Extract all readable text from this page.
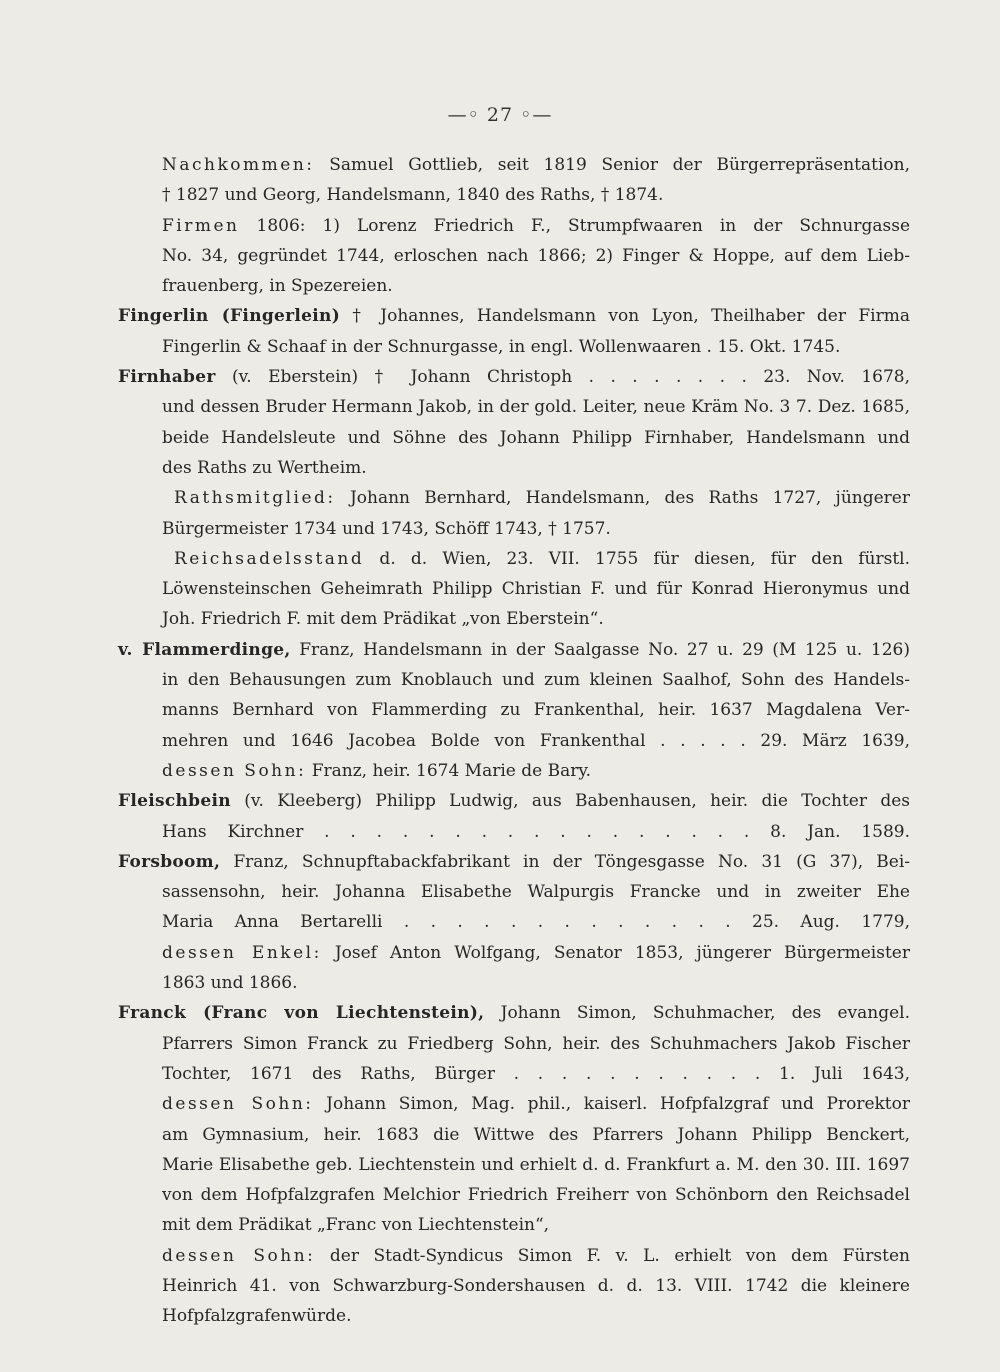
—◦ 27 ◦—
Nachkommen: Samuel Gottlieb, seit 1819 Senior der Bürgerrepräsentation,
† 1827 und Georg, Handelsmann, 1840 des Raths, † 1874.
Firmen 1806: 1) Lorenz Friedrich F., Strumpfwaaren in der Schnurgasse
No. 34, gegründet 1744, erloschen nach 1866; 2) Finger & Hoppe, auf dem Lieb-
frauenberg, in Spezereien.
Fingerlin (Fingerlein) † Johannes, Handelsmann von Lyon, Theilhaber der Firma
Fingerlin & Schaaf in der Schnurgasse, in engl. Wollenwaaren . 15. Okt. 1745.
Firnhaber (v. Eberstein) † Johann Christoph . . . . . . . . 23. Nov. 1678,
und dessen Bruder Hermann Jakob, in der gold. Leiter, neue Kräm No. 3 7. Dez. 1685,
beide Handelsleute und Söhne des Johann Philipp Firnhaber, Handelsmann und
des Raths zu Wertheim.
Rathsmitglied: Johann Bernhard, Handelsmann, des Raths 1727, jüngerer
Bürgermeister 1734 und 1743, Schöff 1743, † 1757.
Reichsadelsstand d. d. Wien, 23. VII. 1755 für diesen, für den fürstl.
Löwensteinschen Geheimrath Philipp Christian F. und für Konrad Hieronymus und
Joh. Friedrich F. mit dem Prädikat „von Eberstein“.
v. Flammerdinge, Franz, Handelsmann in der Saalgasse No. 27 u. 29 (M 125 u. 126)
in den Behausungen zum Knoblauch und zum kleinen Saalhof, Sohn des Handels-
manns Bernhard von Flammerding zu Frankenthal, heir. 1637 Magdalena Ver-
mehren und 1646 Jacobea Bolde von Frankenthal . . . . . 29. März 1639,
dessen Sohn: Franz, heir. 1674 Marie de Bary.
Fleischbein (v. Kleeberg) Philipp Ludwig, aus Babenhausen, heir. die Tochter des
Hans Kirchner . . . . . . . . . . . . . . . . . 8. Jan. 1589.
Forsboom, Franz, Schnupftabackfabrikant in der Töngesgasse No. 31 (G 37), Bei-
sassensohn, heir. Johanna Elisabethe Walpurgis Francke und in zweiter Ehe
Maria Anna Bertarelli . . . . . . . . . . . . . 25. Aug. 1779,
dessen Enkel: Josef Anton Wolfgang, Senator 1853, jüngerer Bürgermeister
1863 und 1866.
Franck (Franc von Liechtenstein), Johann Simon, Schuhmacher, des evangel.
Pfarrers Simon Franck zu Friedberg Sohn, heir. des Schuhmachers Jakob Fischer
Tochter, 1671 des Raths, Bürger . . . . . . . . . . . 1. Juli 1643,
dessen Sohn: Johann Simon, Mag. phil., kaiserl. Hofpfalzgraf und Prorektor
am Gymnasium, heir. 1683 die Wittwe des Pfarrers Johann Philipp Benckert,
Marie Elisabethe geb. Liechtenstein und erhielt d. d. Frankfurt a. M. den 30. III. 1697
von dem Hofpfalzgrafen Melchior Friedrich Freiherr von Schönborn den Reichsadel
mit dem Prädikat „Franc von Liechtenstein“,
dessen Sohn: der Stadt-Syndicus Simon F. v. L. erhielt von dem Fürsten
Heinrich 41. von Schwarzburg-Sondershausen d. d. 13. VIII. 1742 die kleinere
Hofpfalzgrafenwürde.
